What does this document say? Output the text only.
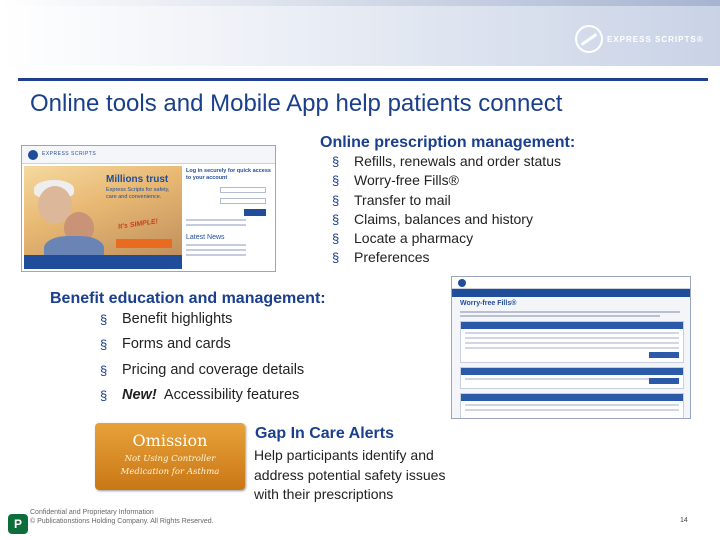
EXPRESS SCRIPTS®
Online tools and Mobile App help patients connect
Online prescription management:
§ Refills, renewals and order status
§ Worry-free Fills®
§ Transfer to mail
§ Claims, balances and history
§ Locate a pharmacy
§ Preferences
EXPRESS SCRIPTS
Millions trust
Express Scripts for safety, care and convenience.
It's SIMPLE!
Log in securely for quick access to your account
Latest News
Benefit education and management:
§ Benefit highlights
§ Forms and cards
§ Pricing and coverage details
§ New! Accessibility features
Worry-free Fills®
Omission
Not Using Controller
Medication for Asthma
Gap In Care Alerts
Help participants identify and address potential safety issues with their prescriptions
Confidential and Proprietary Information
© Publicationstions Holding Company. All Rights Reserved.
P	14
